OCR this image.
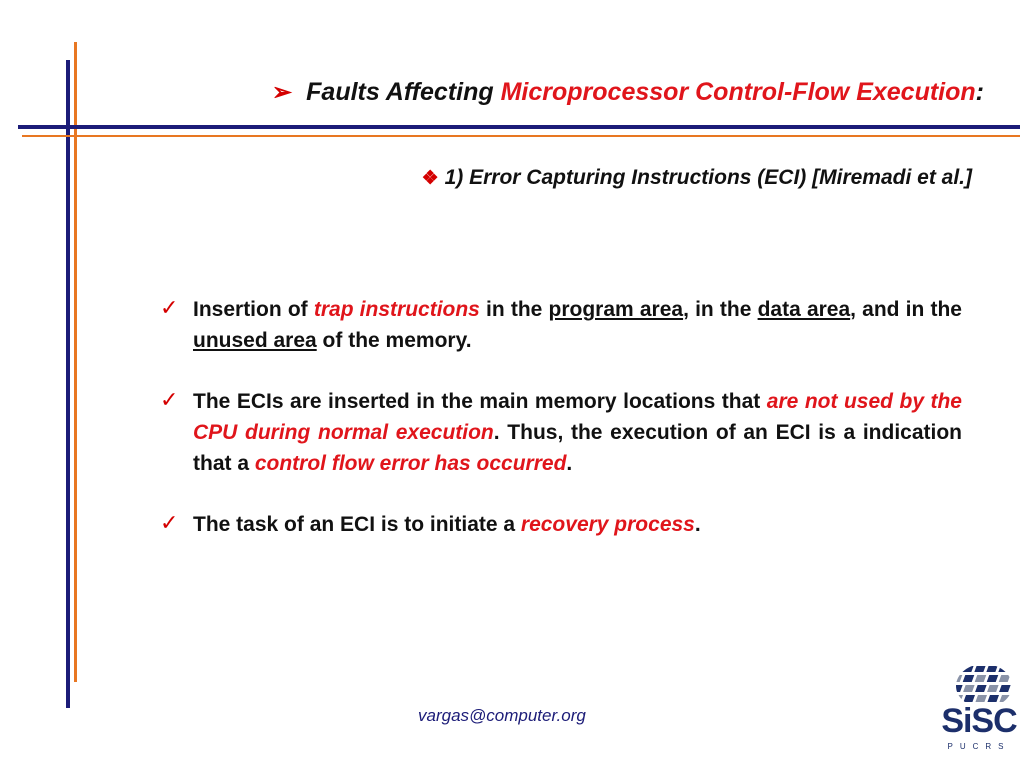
➢ Faults Affecting Microprocessor Control-Flow Execution:
❖ 1) Error Capturing Instructions (ECI) [Miremadi et al.]
✓ Insertion of trap instructions in the program area, in the data area, and in the unused area of the memory.
✓ The ECIs are inserted in the main memory locations that are not used by the CPU during normal execution. Thus, the execution of an ECI is a indication that a control flow error has occurred.
✓ The task of an ECI is to initiate a recovery process.
vargas@computer.org	SiSC
PUCRS
